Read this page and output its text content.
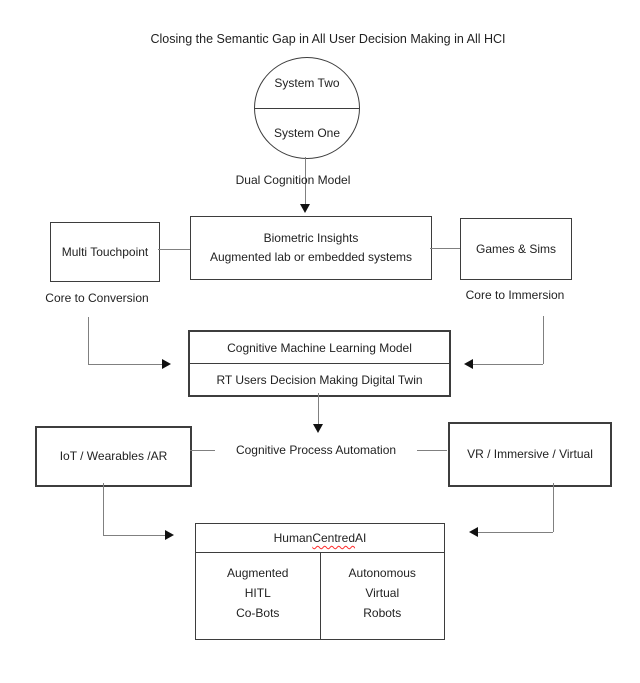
Closing the Semantic Gap in All User Decision Making in All HCI
System Two
System One
Dual Cognition Model
Multi Touchpoint
Biometric Insights
Augmented lab or embedded systems
Games & Sims
Core to Conversion	Core to Immersion
Cognitive Machine Learning Model
RT Users Decision Making Digital Twin
IoT / Wearables /AR	Cognitive Process Automation	VR / Immersive / Virtual
Human Centred AI
Augmented
HITL
Co-Bots
Autonomous
Virtual
Robots
